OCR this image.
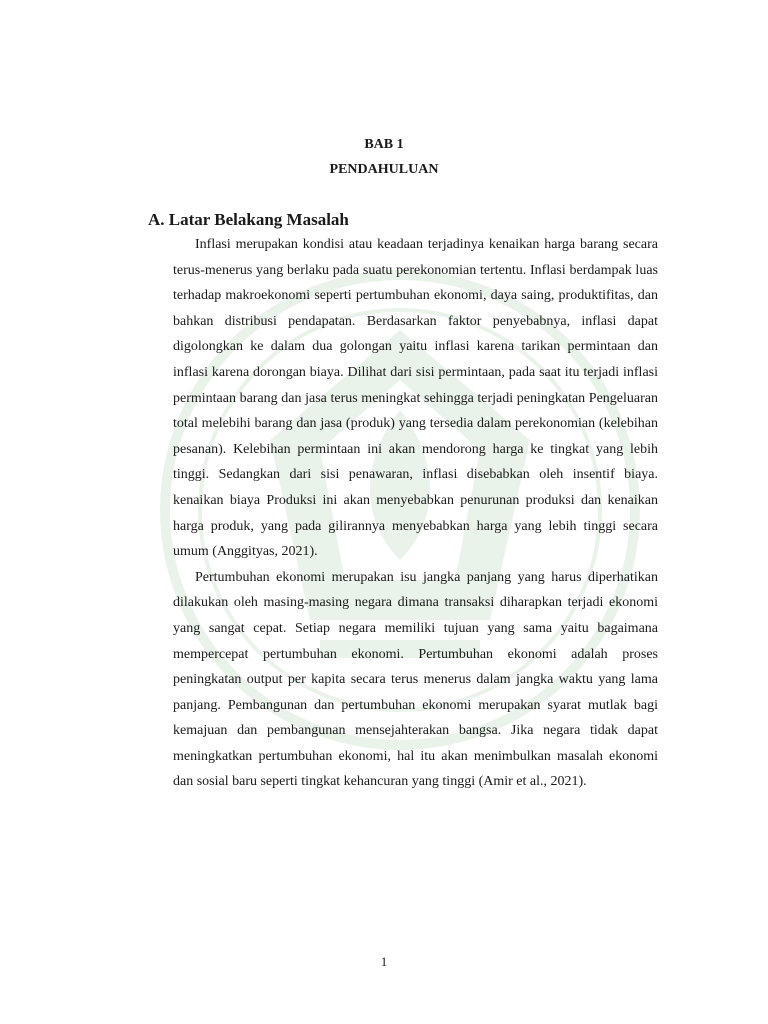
BAB 1
PENDAHULUAN
A. Latar Belakang Masalah

Inflasi merupakan kondisi atau keadaan terjadinya kenaikan harga barang secara terus-menerus yang berlaku pada suatu perekonomian tertentu. Inflasi berdampak luas terhadap makroekonomi seperti pertumbuhan ekonomi, daya saing, produktifitas, dan bahkan distribusi pendapatan. Berdasarkan faktor penyebabnya, inflasi dapat digolongkan ke dalam dua golongan yaitu inflasi karena tarikan permintaan dan inflasi karena dorongan biaya. Dilihat dari sisi permintaan, pada saat itu terjadi inflasi permintaan barang dan jasa terus meningkat sehingga terjadi peningkatan Pengeluaran total melebihi barang dan jasa (produk) yang tersedia dalam perekonomian (kelebihan pesanan). Kelebihan permintaan ini akan mendorong harga ke tingkat yang lebih tinggi. Sedangkan dari sisi penawaran, inflasi disebabkan oleh insentif biaya. kenaikan biaya Produksi ini akan menyebabkan penurunan produksi dan kenaikan harga produk, yang pada gilirannya menyebabkan harga yang lebih tinggi secara umum (Anggityas, 2021).

Pertumbuhan ekonomi merupakan isu jangka panjang yang harus diperhatikan dilakukan oleh masing-masing negara dimana transaksi diharapkan terjadi ekonomi yang sangat cepat. Setiap negara memiliki tujuan yang sama yaitu bagaimana mempercepat pertumbuhan ekonomi. Pertumbuhan ekonomi adalah proses peningkatan output per kapita secara terus menerus dalam jangka waktu yang lama panjang. Pembangunan dan pertumbuhan ekonomi merupakan syarat mutlak bagi kemajuan dan pembangunan mensejahterakan bangsa. Jika negara tidak dapat meningkatkan pertumbuhan ekonomi, hal itu akan menimbulkan masalah ekonomi dan sosial baru seperti tingkat kehancuran yang tinggi (Amir et al., 2021).

1
